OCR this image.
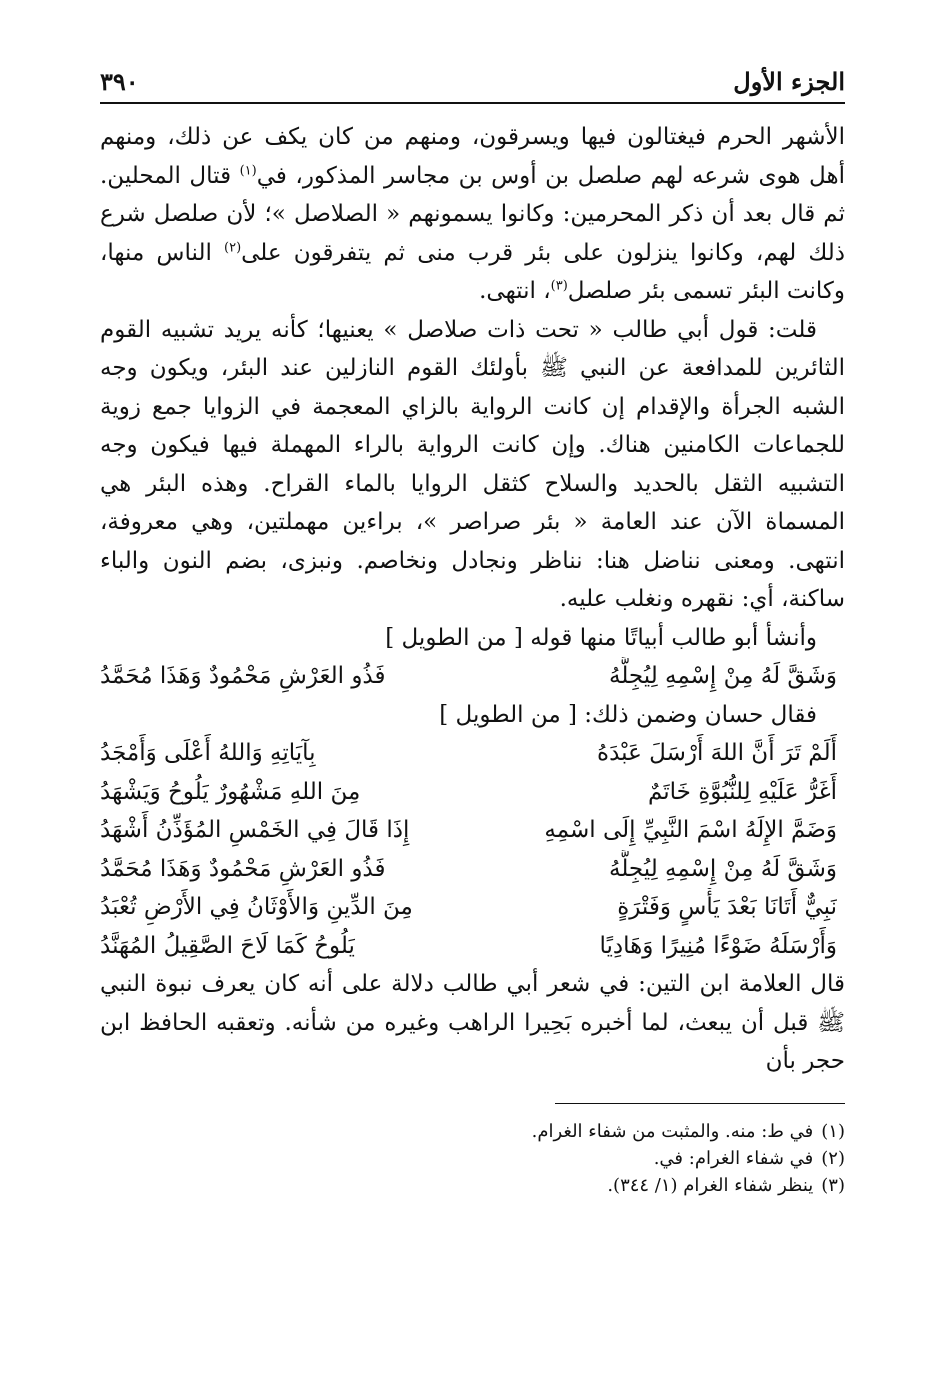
الجزء الأول
٣٩٠

الأشهر الحرم فيغتالون فيها ويسرقون، ومنهم من كان يكف عن ذلك، ومنهم أهل هوى شرعه لهم صلصل بن أوس بن مجاسر المذكور، في$^{(١)}$ قتال المحلين. ثم قال بعد أن ذكر المحرمين: وكانوا يسمونهم « الصلاصل »؛ لأن صلصل شرع ذلك لهم، وكانوا ينزلون على بئر قرب منى ثم يتفرقون على$^{(٢)}$ الناس منها، وكانت البئر تسمى بئر صلصل$^{(٣)}$، انتهى.

قلت: قول أبي طالب « تحت ذات صلاصل » يعنيها؛ كأنه يريد تشبيه القوم الثائرين للمدافعة عن النبي ﷺ بأولئك القوم النازلين عند البئر، ويكون وجه الشبه الجرأة والإقدام إن كانت الرواية بالزاي المعجمة في الزوايا جمع زوية للجماعات الكامنين هناك. وإن كانت الرواية بالراء المهملة فيها فيكون وجه التشبيه الثقل بالحديد والسلاح كثقل الروايا بالماء القراح. وهذه البئر هي المسماة الآن عند العامة « بئر صراصر »، براءين مهملتين، وهي معروفة، انتهى. ومعنى نناضل هنا: نناظر ونجادل ونخاصم. ونبزى، بضم النون والباء ساكنة، أي: نقهره ونغلب عليه.

وأنشأ أبو طالب أبياتًا منها قوله [ من الطويل ]

وَشَقَّ لَهُ مِنْ إِسْمِهِ لِيُجِلَّهُ
فَذُو العَرْشِ مَحْمُودٌ وَهَذَا مُحَمَّدُ

فقال حسان وضمن ذلك: [ من الطويل ]

أَلَمْ تَرَ أَنَّ اللهَ أَرْسَلَ عَبْدَهُ
بِآيَاتِهِ وَاللهُ أَعْلَى وَأَمْجَدُ
أَغَرُّ عَلَيْهِ لِلنُّبُوَّةِ خَاتَمٌ
مِنَ اللهِ مَشْهُورٌ يَلُوحُ وَيَشْهَدُ
وَضَمَّ الإِلَهُ اسْمَ النَّبِيِّ إِلَى اسْمِهِ
إِذَا قَالَ فِي الخَمْسِ المُؤَذِّنُ أَشْهَدُ
وَشَقَّ لَهُ مِنْ إِسْمِهِ لِيُجِلَّهُ
فَذُو العَرْشِ مَحْمُودٌ وَهَذَا مُحَمَّدُ
نَبِيٌّ أَتَانَا بَعْدَ يَأْسٍ وَفَتْرَةٍ
مِنَ الدِّينِ وَالأَوْثَانُ فِي الأَرْضِ تُعْبَدُ
وَأَرْسَلَهُ ضَوْءًا مُنِيرًا وَهَادِيًا
يَلُوحُ كَمَا لَاحَ الصَّقِيلُ المُهَنَّدُ

قال العلامة ابن التين: في شعر أبي طالب دلالة على أنه كان يعرف نبوة النبي ﷺ قبل أن يبعث، لما أخبره بَحِيرا الراهب وغيره من شأنه. وتعقبه الحافظ ابن حجر بأن

(١)في ط: منه. والمثبت من شفاء الغرام.

(٢)في شفاء الغرام: في.

(٣)ينظر شفاء الغرام (١/ ٣٤٤).
